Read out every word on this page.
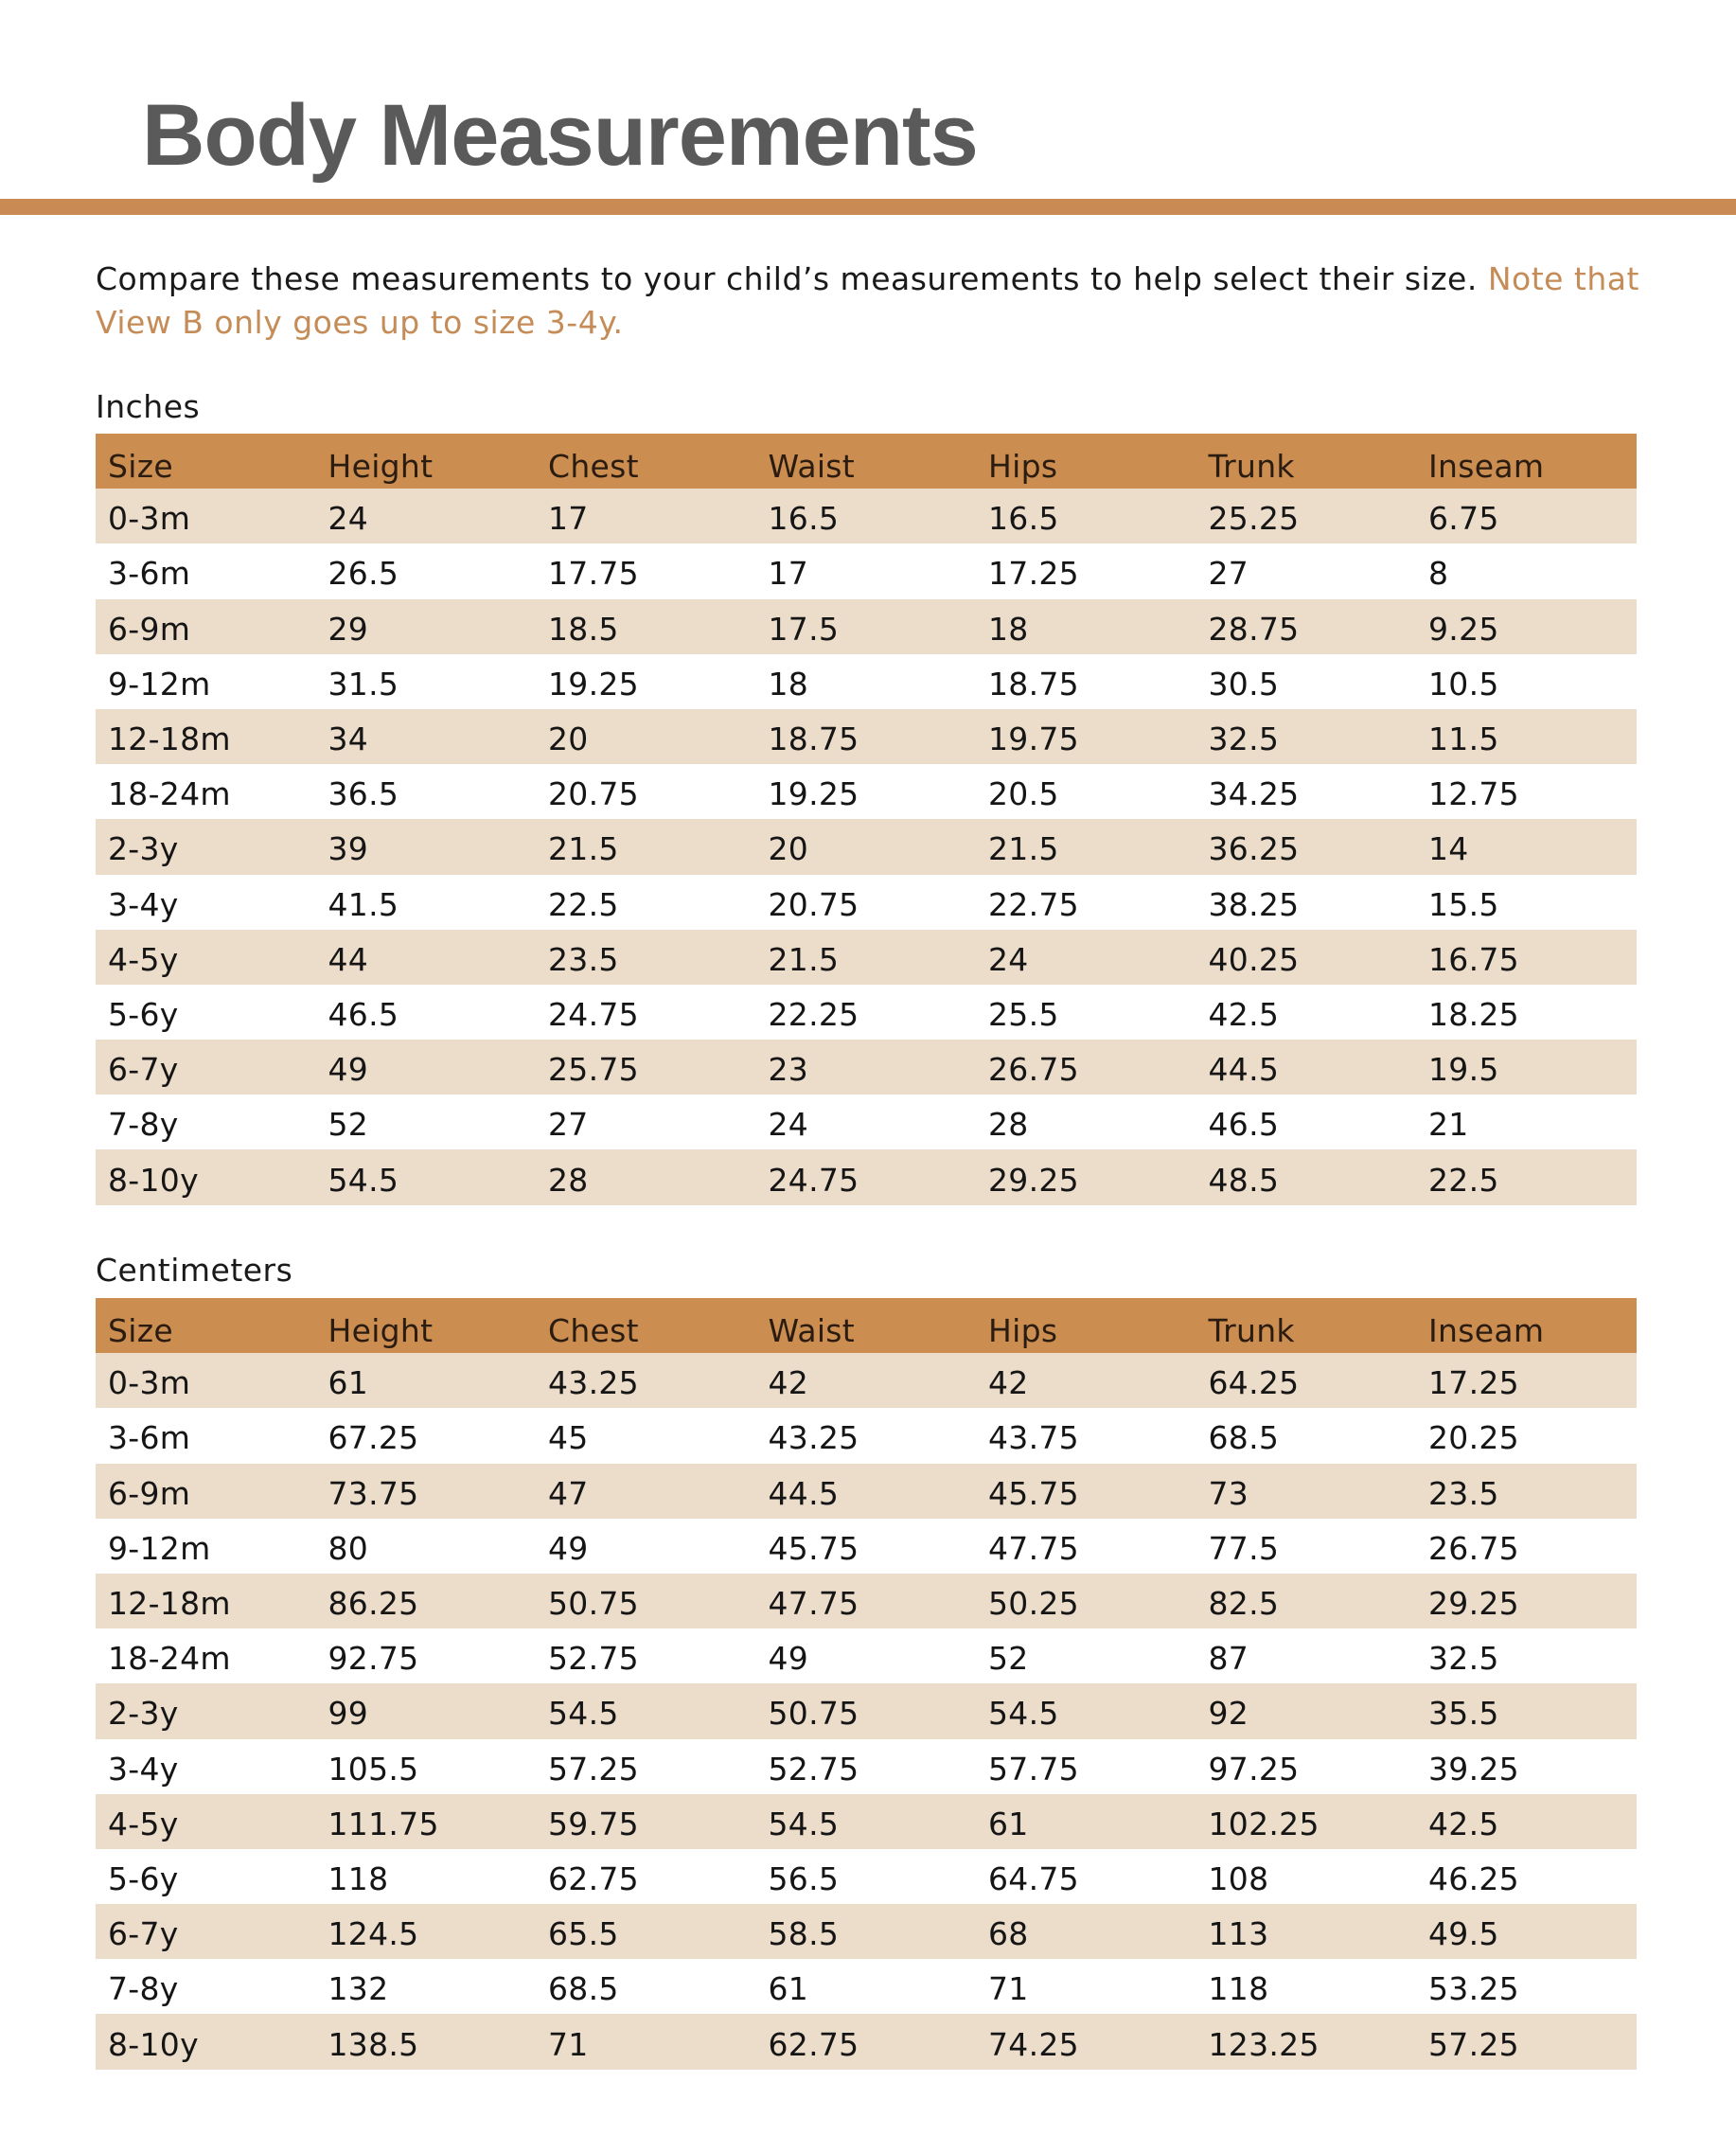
Body Measurements

Compare these measurements to your child’s measurements to help select their size. Note that View B only goes up to size 3-4y.

Inches
Size	Height	Chest	Waist	Hips	Trunk	Inseam
0-3m	24	17	16.5	16.5	25.25	6.75
3-6m	26.5	17.75	17	17.25	27	8
6-9m	29	18.5	17.5	18	28.75	9.25
9-12m	31.5	19.25	18	18.75	30.5	10.5
12-18m	34	20	18.75	19.75	32.5	11.5
18-24m	36.5	20.75	19.25	20.5	34.25	12.75
2-3y	39	21.5	20	21.5	36.25	14
3-4y	41.5	22.5	20.75	22.75	38.25	15.5
4-5y	44	23.5	21.5	24	40.25	16.75
5-6y	46.5	24.75	22.25	25.5	42.5	18.25
6-7y	49	25.75	23	26.75	44.5	19.5
7-8y	52	27	24	28	46.5	21
8-10y	54.5	28	24.75	29.25	48.5	22.5
Centimeters
Size	Height	Chest	Waist	Hips	Trunk	Inseam
0-3m	61	43.25	42	42	64.25	17.25
3-6m	67.25	45	43.25	43.75	68.5	20.25
6-9m	73.75	47	44.5	45.75	73	23.5
9-12m	80	49	45.75	47.75	77.5	26.75
12-18m	86.25	50.75	47.75	50.25	82.5	29.25
18-24m	92.75	52.75	49	52	87	32.5
2-3y	99	54.5	50.75	54.5	92	35.5
3-4y	105.5	57.25	52.75	57.75	97.25	39.25
4-5y	111.75	59.75	54.5	61	102.25	42.5
5-6y	118	62.75	56.5	64.75	108	46.25
6-7y	124.5	65.5	58.5	68	113	49.5
7-8y	132	68.5	61	71	118	53.25
8-10y	138.5	71	62.75	74.25	123.25	57.25
